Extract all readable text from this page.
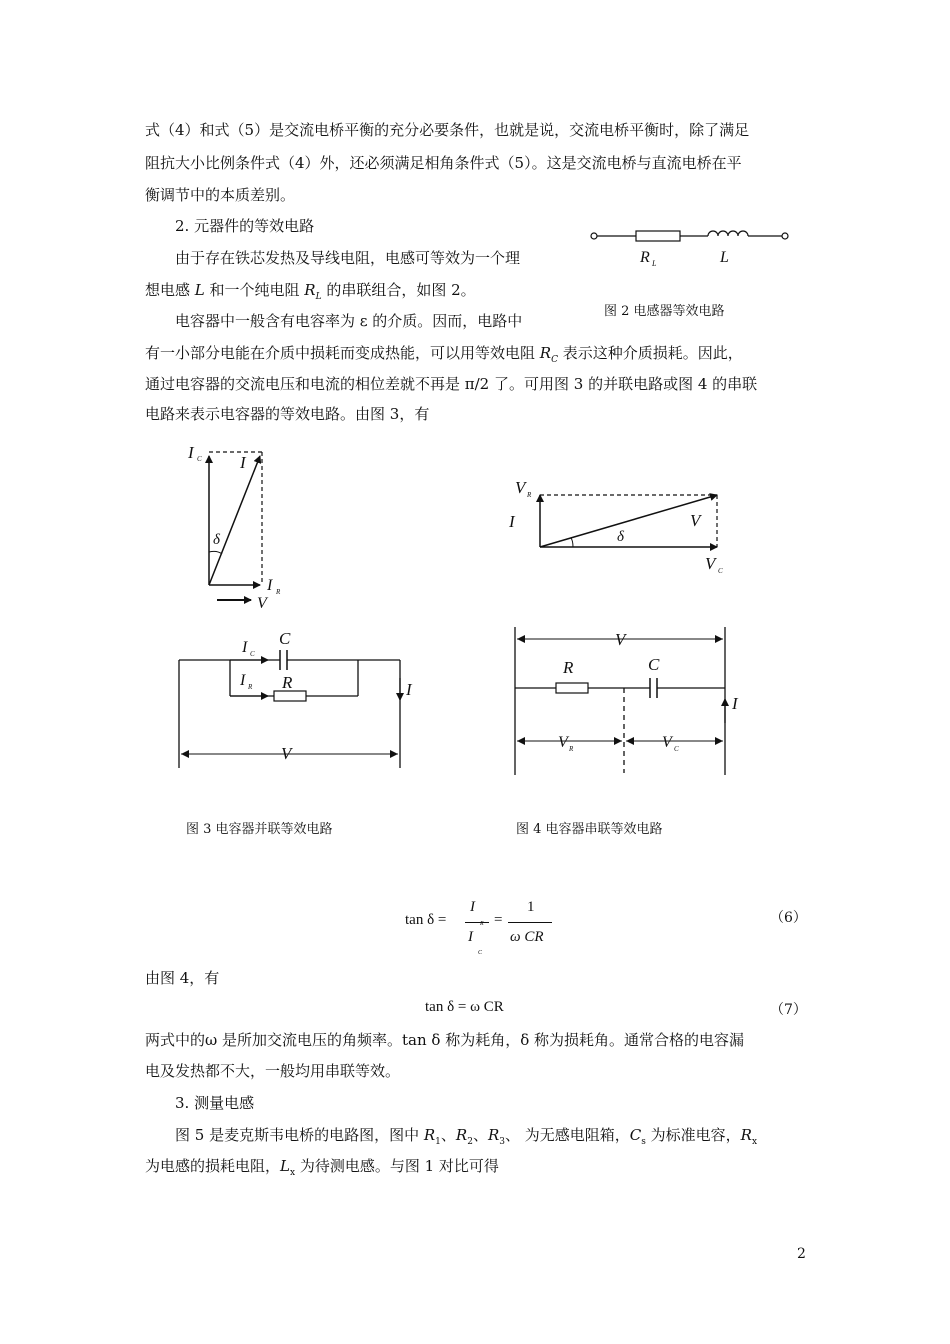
式（4）和式（5）是交流电桥平衡的充分必要条件，也就是说，交流电桥平衡时，除了满足
阻抗大小比例条件式（4）外，还必须满足相角条件式（5）。这是交流电桥与直流电桥在平
衡调节中的本质差别。
2. 元器件的等效电路
由于存在铁芯发热及导线电阻，电感可等效为一个理
想电感 L 和一个纯电阻 $R_L$ 的串联组合，如图 2。
电容器中一般含有电容率为 ε 的介质。因而，电路中
有一小部分电能在介质中损耗而变成热能，可以用等效电阻 $R_C$ 表示这种介质损耗。因此，
通过电容器的交流电压和电流的相位差就不再是 π/2 了。可用图 3 的并联电路或图 4 的串联
电路来表示电容器的等效电路。由图 3，有
R L	L
图 2 电感器等效电路
I C I
δ
I R
V
I C
C
I R R	I
V
图 3 电容器并联等效电路
V R
I	V
δ
V C
V
R	C
I
V R	V C
图 4 电容器串联等效电路
tan δ =
I
R
I
C
=
1
ω CR
（6）
由图 4，有
tan δ = ω CR	（7）
两式中的ω 是所加交流电压的角频率。tan δ 称为耗角，δ 称为损耗角。通常合格的电容漏
电及发热都不大，一般均用串联等效。
3. 测量电感
图 5 是麦克斯韦电桥的电路图，图中 $R_1$、$R_2$、$R_3$、 为无感电阻箱，$C_s$ 为标准电容，$R_x$
为电感的损耗电阻，$L_x$ 为待测电感。与图 1 对比可得
2
